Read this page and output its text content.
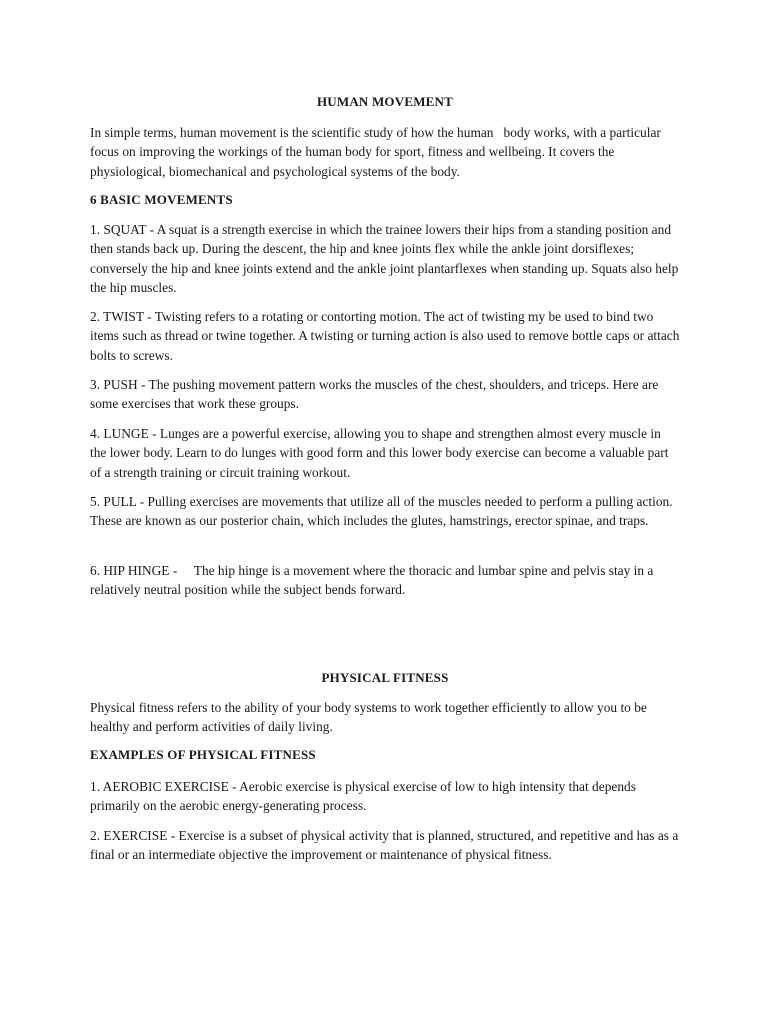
HUMAN MOVEMENT

In simple terms, human movement is the scientific study of how the human   body works, with a particular focus on improving the workings of the human body for sport, fitness and wellbeing. It covers the physiological, biomechanical and psychological systems of the body.

6 BASIC MOVEMENTS

1. SQUAT - A squat is a strength exercise in which the trainee lowers their hips from a standing position and then stands back up. During the descent, the hip and knee joints flex while the ankle joint dorsiflexes; conversely the hip and knee joints extend and the ankle joint plantarflexes when standing up. Squats also help the hip muscles.

2. TWIST - Twisting refers to a rotating or contorting motion. The act of twisting my be used to bind two items such as thread or twine together. A twisting or turning action is also used to remove bottle caps or attach bolts to screws.

3. PUSH - The pushing movement pattern works the muscles of the chest, shoulders, and triceps. Here are some exercises that work these groups.

4. LUNGE - Lunges are a powerful exercise, allowing you to shape and strengthen almost every muscle in the lower body. Learn to do lunges with good form and this lower body exercise can become a valuable part of a strength training or circuit training workout.

5. PULL - Pulling exercises are movements that utilize all of the muscles needed to perform a pulling action. These are known as our posterior chain, which includes the glutes, hamstrings, erector spinae, and traps.

6. HIP HINGE -     The hip hinge is a movement where the thoracic and lumbar spine and pelvis stay in a relatively neutral position while the subject bends forward.

PHYSICAL FITNESS

Physical fitness refers to the ability of your body systems to work together efficiently to allow you to be healthy and perform activities of daily living.

EXAMPLES OF PHYSICAL FITNESS

1. AEROBIC EXERCISE - Aerobic exercise is physical exercise of low to high intensity that depends primarily on the aerobic energy-generating process.

2. EXERCISE - Exercise is a subset of physical activity that is planned, structured, and repetitive and has as a final or an intermediate objective the improvement or maintenance of physical fitness.
